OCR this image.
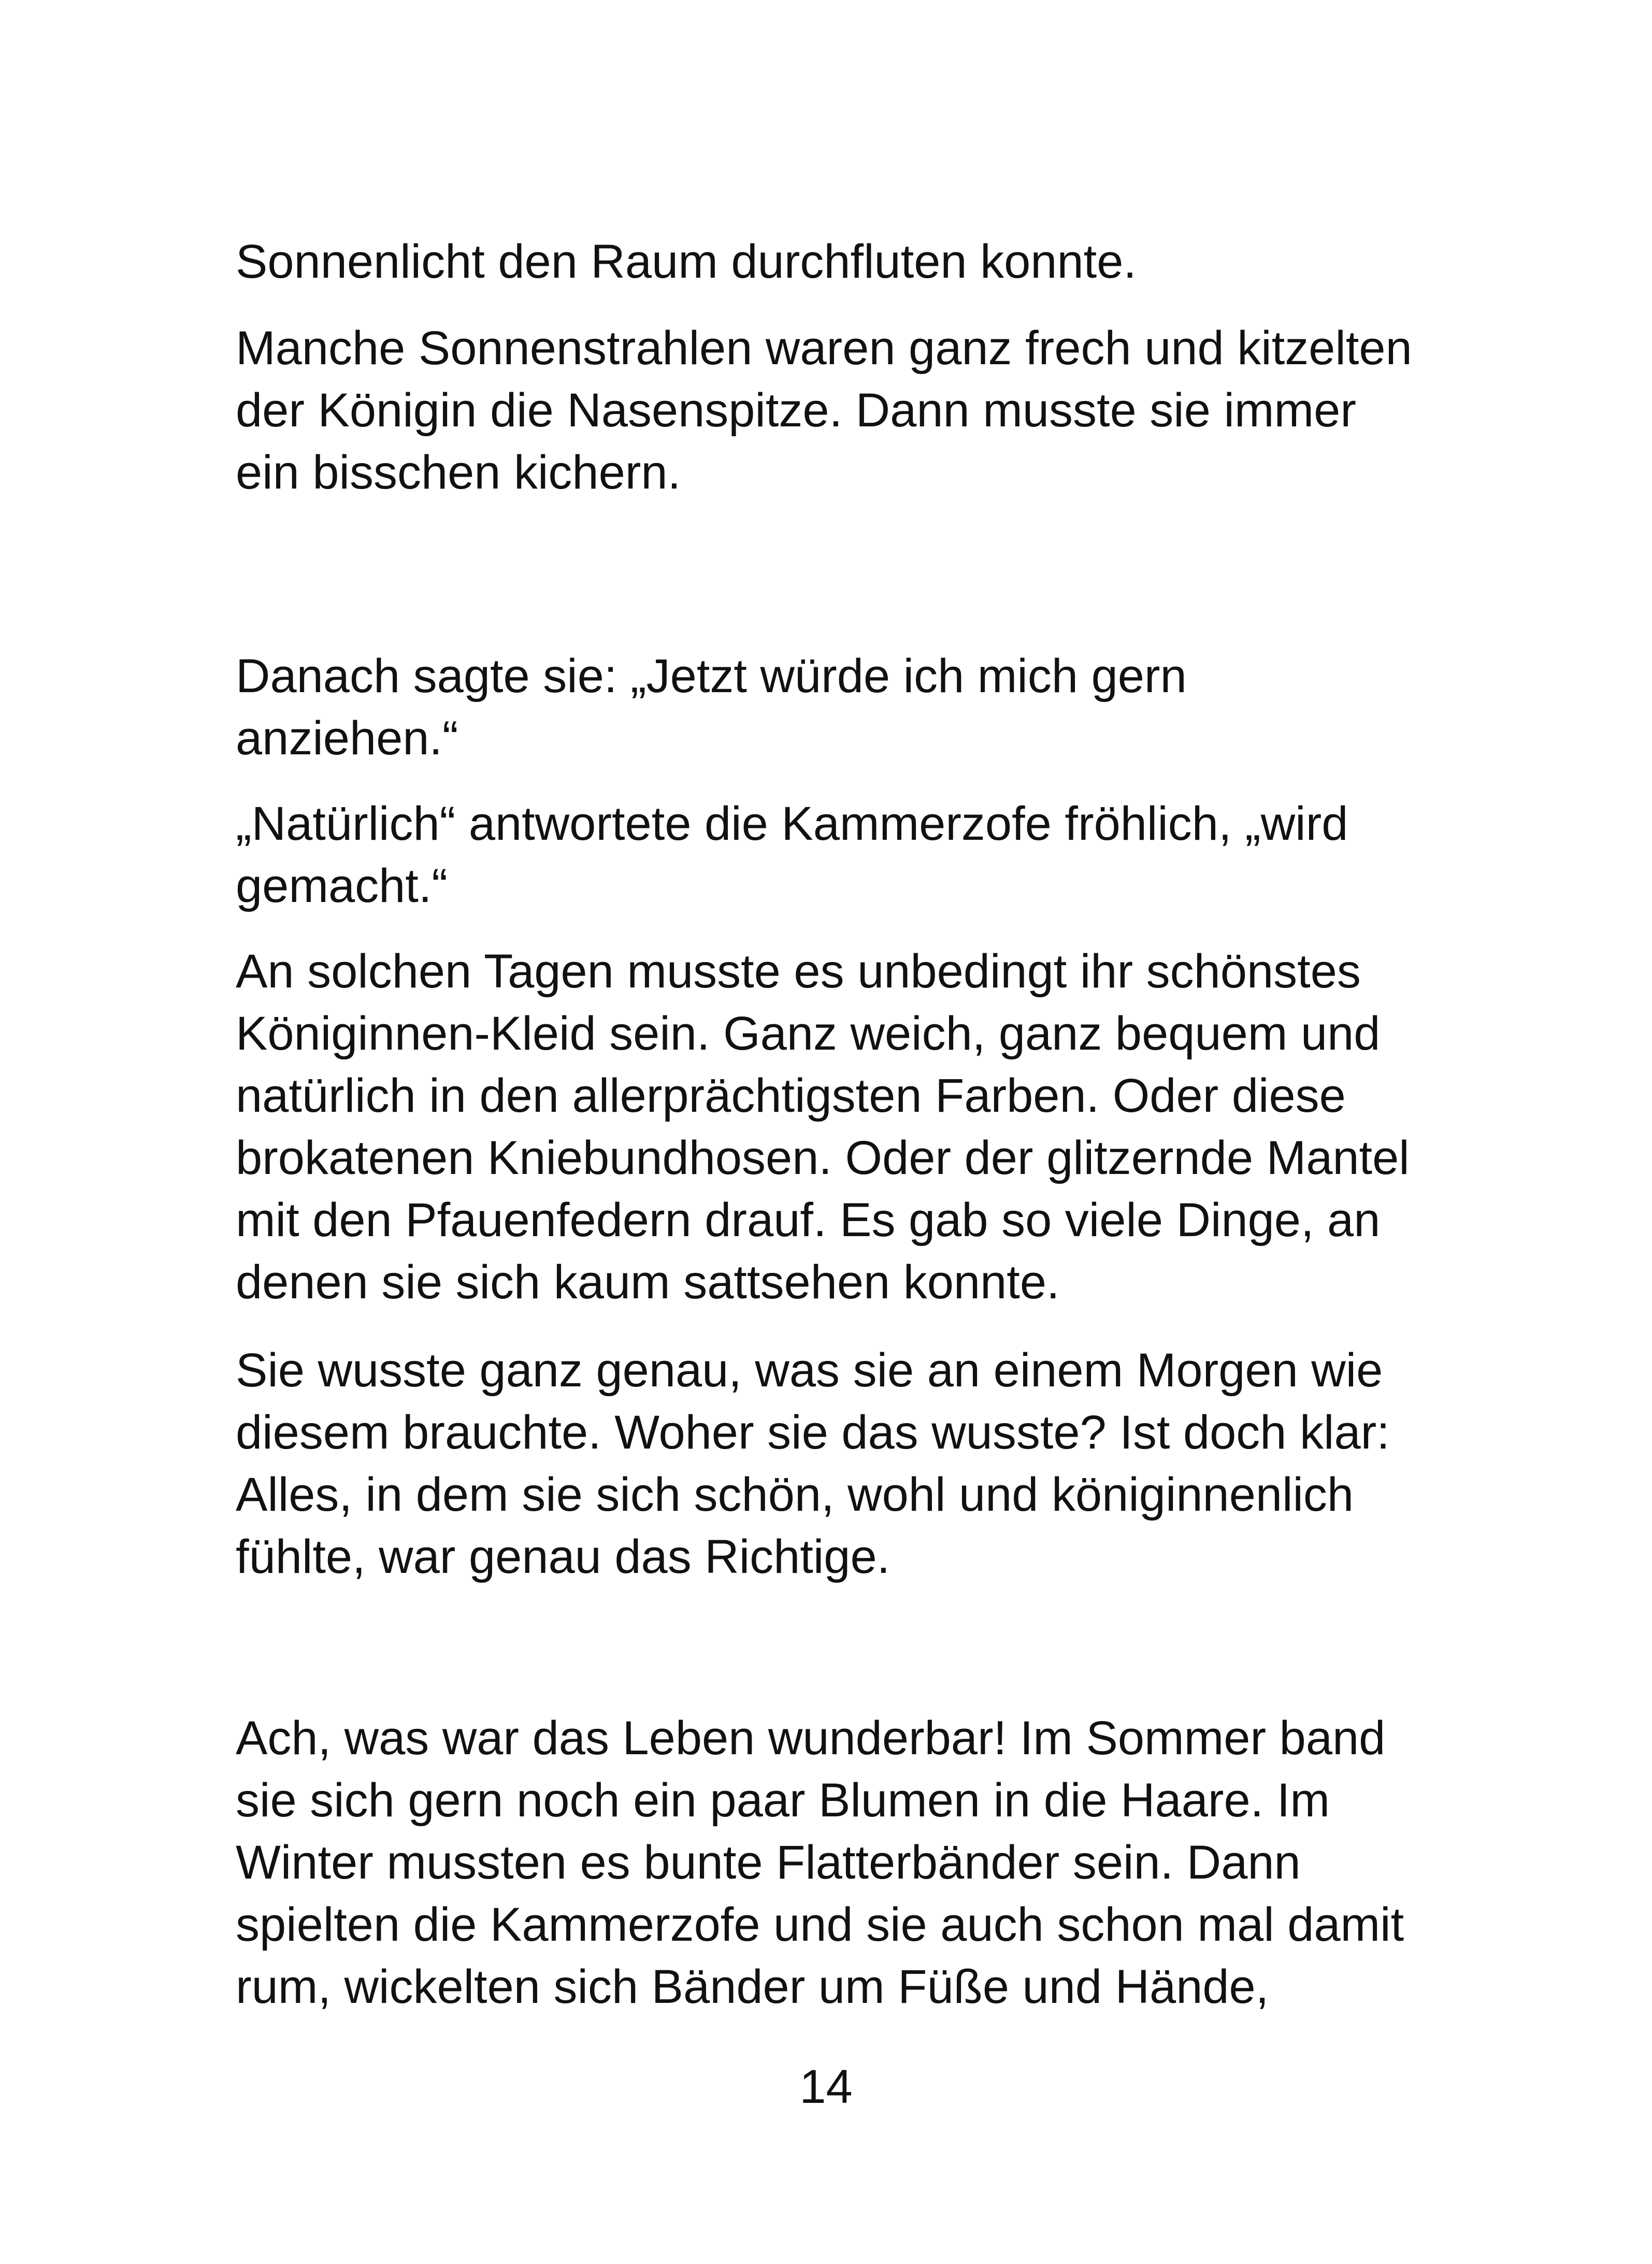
Sonnenlicht den Raum durchfluten konnte.

Manche Sonnenstrahlen waren ganz frech und kitzelten
der Königin die Nasenspitze. Dann musste sie immer
ein bisschen kichern.

Danach sagte sie: „Jetzt würde ich mich gern
anziehen.“

„Natürlich“ antwortete die Kammerzofe fröhlich, „wird
gemacht.“

An solchen Tagen musste es unbedingt ihr schönstes
Königinnen-Kleid sein. Ganz weich, ganz bequem und
natürlich in den allerprächtigsten Farben. Oder diese
brokatenen Kniebundhosen. Oder der glitzernde Mantel
mit den Pfauenfedern drauf. Es gab so viele Dinge, an
denen sie sich kaum sattsehen konnte.

Sie wusste ganz genau, was sie an einem Morgen wie
diesem brauchte. Woher sie das wusste? Ist doch klar:
Alles, in dem sie sich schön, wohl und königinnenlich
fühlte, war genau das Richtige.

Ach, was war das Leben wunderbar! Im Sommer band
sie sich gern noch ein paar Blumen in die Haare. Im
Winter mussten es bunte Flatterbänder sein. Dann
spielten die Kammerzofe und sie auch schon mal damit
rum, wickelten sich Bänder um Füße und Hände,

14
